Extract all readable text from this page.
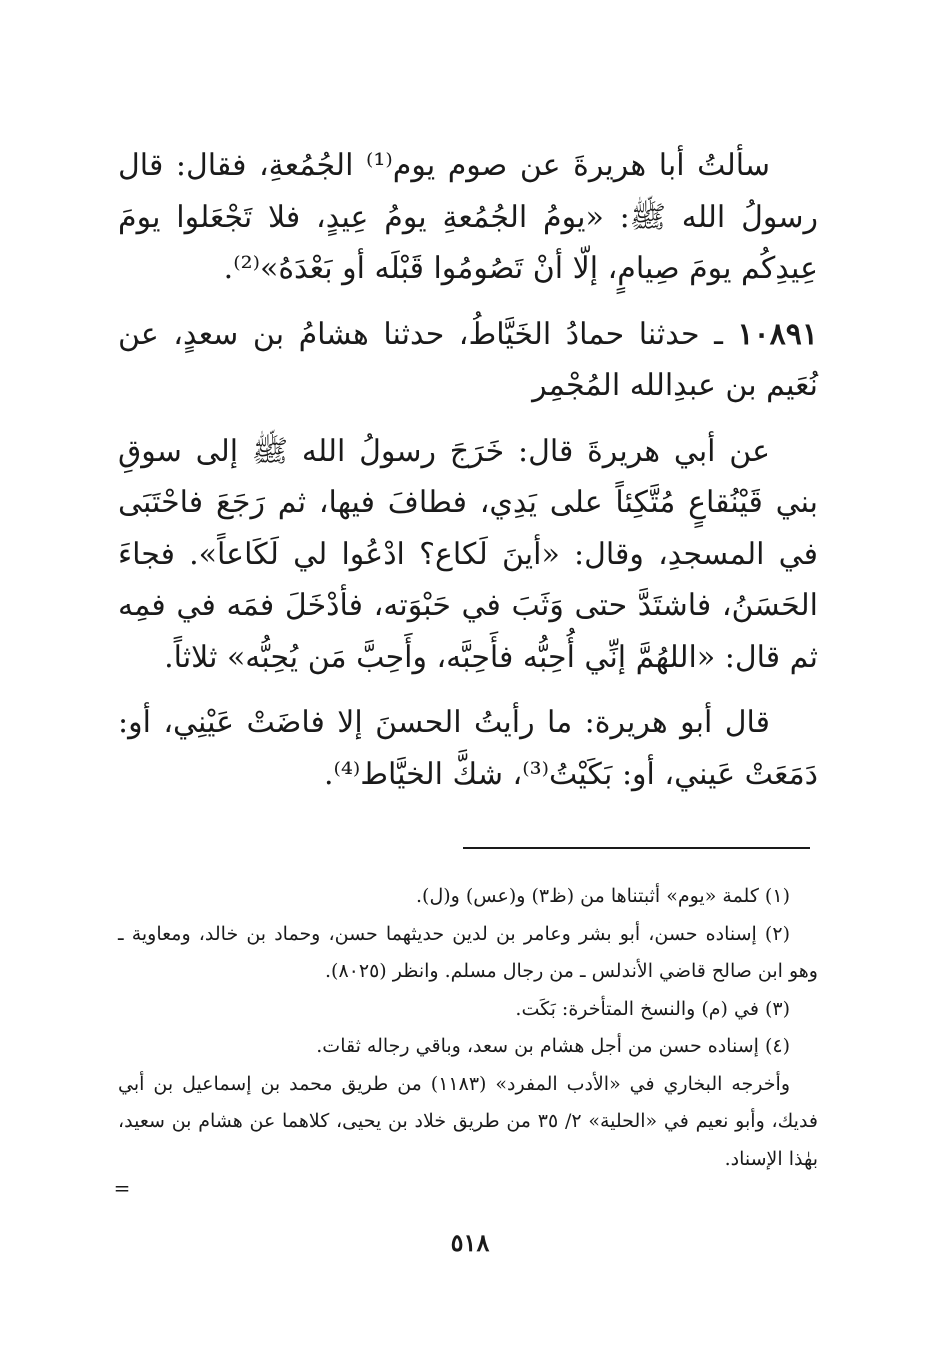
سألتُ أبا هريرةَ عن صوم يوم⁽¹⁾ الجُمُعةِ، فقال: قال رسولُ الله ﷺ: «يومُ الجُمُعةِ يومُ عِيدٍ، فلا تَجْعَلوا يومَ عِيدِكُم يومَ صِيامٍ، إلّا أنْ تَصُومُوا قَبْلَه أو بَعْدَهُ»⁽²⁾.

١٠٨٩١ ـ حدثنا حمادُ الخَيَّاطُ، حدثنا هشامُ بن سعدٍ، عن نُعَيم بن عبدِالله المُجْمِر

عن أبي هريرةَ قال: خَرَجَ رسولُ الله ﷺ إلى سوقِ بني قَيْنُقاعٍ مُتَّكِئاً على يَدِي، فطافَ فيها، ثم رَجَعَ فاحْتَبَى في المسجدِ، وقال: «أينَ لَكاع؟ ادْعُوا لي لَكَاعاً». فجاءَ الحَسَنُ، فاشتَدَّ حتى وَثَبَ في حَبْوَته، فأدْخَلَ فمَه في فمِه ثم قال: «اللهُمَّ إنِّي أُحِبُّه فأَحِبَّه، وأَحِبَّ مَن يُحِبُّه» ثلاثاً.

قال أبو هريرة: ما رأيتُ الحسنَ إلا فاضَتْ عَيْنِي، أو: دَمَعَتْ عَيني، أو: بَكَيْتُ⁽³⁾، شكَّ الخيَّاط⁽⁴⁾.

(١) كلمة «يوم» أثبتناها من (ظ٣) و(عس) و(ل).

(٢) إسناده حسن، أبو بشر وعامر بن لدين حديثهما حسن، وحماد بن خالد، ومعاوية ـ وهو ابن صالح قاضي الأندلس ـ من رجال مسلم. وانظر (٨٠٢٥).

(٣) في (م) والنسخ المتأخرة: بَكَت.

(٤) إسناده حسن من أجل هشام بن سعد، وباقي رجاله ثقات.

وأخرجه البخاري في «الأدب المفرد» (١١٨٣) من طريق محمد بن إسماعيل بن أبي فديك، وأبو نعيم في «الحلية» ٢/ ٣٥ من طريق خلاد بن يحيى، كلاهما عن هشام بن سعيد، بهٰذا الإسناد.

=
٥١٨
